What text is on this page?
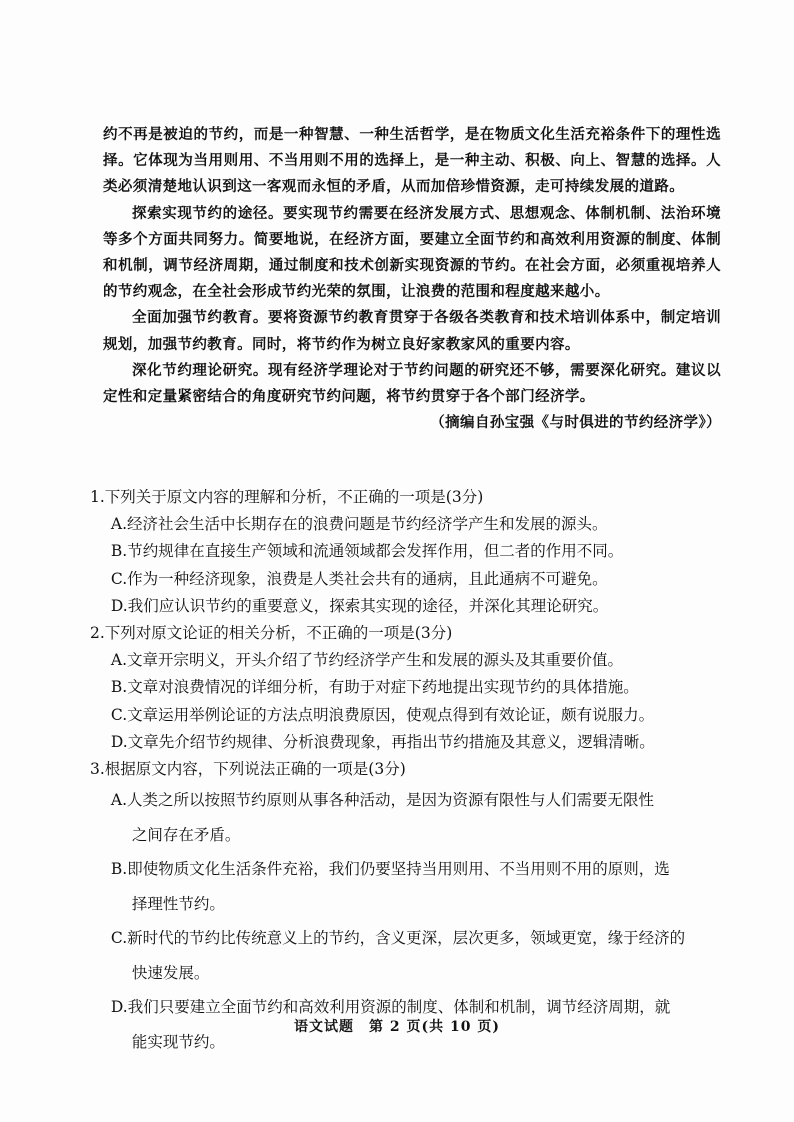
约不再是被迫的节约，而是一种智慧、一种生活哲学，是在物质文化生活充裕条件下的理性选择。它体现为当用则用、不当用则不用的选择上，是一种主动、积极、向上、智慧的选择。人类必须清楚地认识到这一客观而永恒的矛盾，从而加倍珍惜资源，走可持续发展的道路。

探索实现节约的途径。要实现节约需要在经济发展方式、思想观念、体制机制、法治环境等多个方面共同努力。简要地说，在经济方面，要建立全面节约和高效利用资源的制度、体制和机制，调节经济周期，通过制度和技术创新实现资源的节约。在社会方面，必须重视培养人的节约观念，在全社会形成节约光荣的氛围，让浪费的范围和程度越来越小。

全面加强节约教育。要将资源节约教育贯穿于各级各类教育和技术培训体系中，制定培训规划，加强节约教育。同时，将节约作为树立良好家教家风的重要内容。

深化节约理论研究。现有经济学理论对于节约问题的研究还不够，需要深化研究。建议以定性和定量紧密结合的角度研究节约问题，将节约贯穿于各个部门经济学。

（摘编自孙宝强《与时俱进的节约经济学》）

1.下列关于原文内容的理解和分析，不正确的一项是(3分)

A.经济社会生活中长期存在的浪费问题是节约经济学产生和发展的源头。

B.节约规律在直接生产领域和流通领域都会发挥作用，但二者的作用不同。

C.作为一种经济现象，浪费是人类社会共有的通病，且此通病不可避免。

D.我们应认识节约的重要意义，探索其实现的途径，并深化其理论研究。

2.下列对原文论证的相关分析，不正确的一项是(3分)

A.文章开宗明义，开头介绍了节约经济学产生和发展的源头及其重要价值。

B.文章对浪费情况的详细分析，有助于对症下药地提出实现节约的具体措施。

C.文章运用举例论证的方法点明浪费原因，使观点得到有效论证，颇有说服力。

D.文章先介绍节约规律、分析浪费现象，再指出节约措施及其意义，逻辑清晰。

3.根据原文内容，下列说法正确的一项是(3分)

A.人类之所以按照节约原则从事各种活动，是因为资源有限性与人们需要无限性
之间存在矛盾。

B.即使物质文化生活条件充裕，我们仍要坚持当用则用、不当用则不用的原则，选
择理性节约。

C.新时代的节约比传统意义上的节约，含义更深，层次更多，领域更宽，缘于经济的
快速发展。

D.我们只要建立全面节约和高效利用资源的制度、体制和机制，调节经济周期，就
能实现节约。

语文试题　第 2 页(共 10 页)
